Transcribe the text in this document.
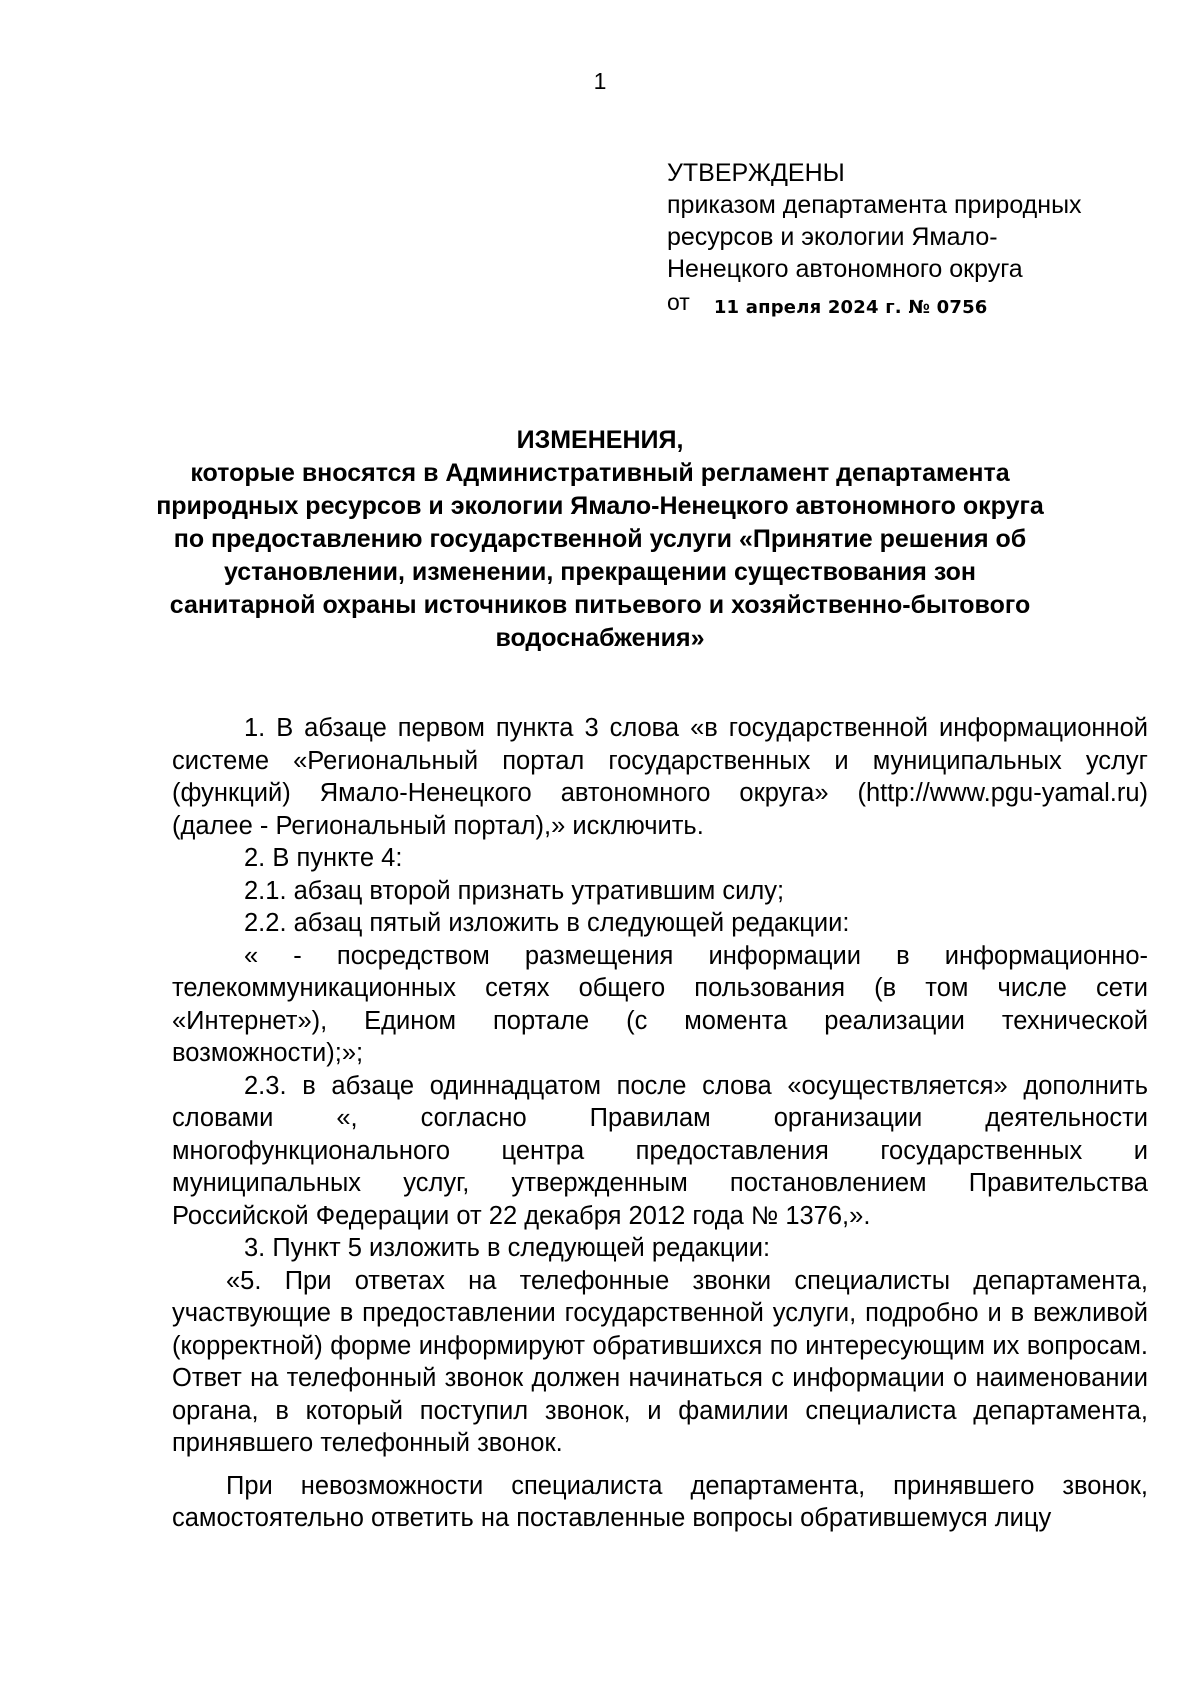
1
УТВЕРЖДЕНЫ
приказом департамента природных
ресурсов и экологии Ямало-
Ненецкого автономного округа
от 11 апреля 2024 г. № 0756
ИЗМЕНЕНИЯ,
которые вносятся в Административный регламент департамента природных ресурсов и экологии Ямало-Ненецкого автономного округа по предоставлению государственной услуги «Принятие решения об установлении, изменении, прекращении существования зон санитарной охраны источников питьевого и хозяйственно-бытового водоснабжения»

1. В абзаце первом пункта 3 слова «в государственной информационной системе «Региональный портал государственных и муниципальных услуг (функций) Ямало-Ненецкого автономного округа» (http://www.pgu-yamal.ru) (далее - Региональный портал),» исключить.

2. В пункте 4:

2.1. абзац второй признать утратившим силу;

2.2. абзац пятый изложить в следующей редакции:

« - посредством размещения информации в информационно-телекоммуникационных сетях общего пользования (в том числе сети «Интернет»), Едином портале (с момента реализации технической возможности);»;

2.3. в абзаце одиннадцатом после слова «осуществляется» дополнить словами «, согласно Правилам организации деятельности многофункционального центра предоставления государственных и муниципальных услуг, утвержденным постановлением Правительства Российской Федерации от 22 декабря 2012 года № 1376,».

3. Пункт 5 изложить в следующей редакции:

«5. При ответах на телефонные звонки специалисты департамента, участвующие в предоставлении государственной услуги, подробно и в вежливой (корректной) форме информируют обратившихся по интересующим их вопросам. Ответ на телефонный звонок должен начинаться с информации о наименовании органа, в который поступил звонок, и фамилии специалиста департамента, принявшего телефонный звонок.

При невозможности специалиста департамента, принявшего звонок, самостоятельно ответить на поставленные вопросы обратившемуся лицу
